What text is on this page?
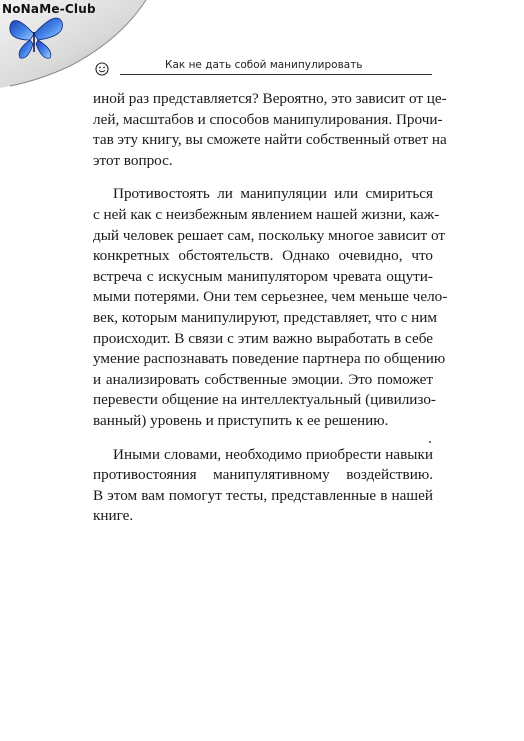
NoNaMe-Club
Как не дать собой манипулировать
иной раз представляется? Вероятно, это зависит от це-
лей, масштабов и способов манипулирования. Прочи-
тав эту книгу, вы сможете найти собственный ответ на
этот вопрос.
Противостоять ли манипуляции или смириться
с ней как с неизбежным явлением нашей жизни, каж-
дый человек решает сам, поскольку многое зависит от
конкретных обстоятельств. Однако очевидно, что
встреча с искусным манипулятором чревата ощути-
мыми потерями. Они тем серьезнее, чем меньше чело-
век, которым манипулируют, представляет, что с ним
происходит. В связи с этим важно выработать в себе
умение распознавать поведение партнера по общению
и анализировать собственные эмоции. Это поможет
перевести общение на интеллектуальный (цивилизо-
ванный) уровень и приступить к ее решению.
Иными словами, необходимо приобрести навыки
противостояния манипулятивному воздействию.
В этом вам помогут тесты, представленные в нашей
книге.
